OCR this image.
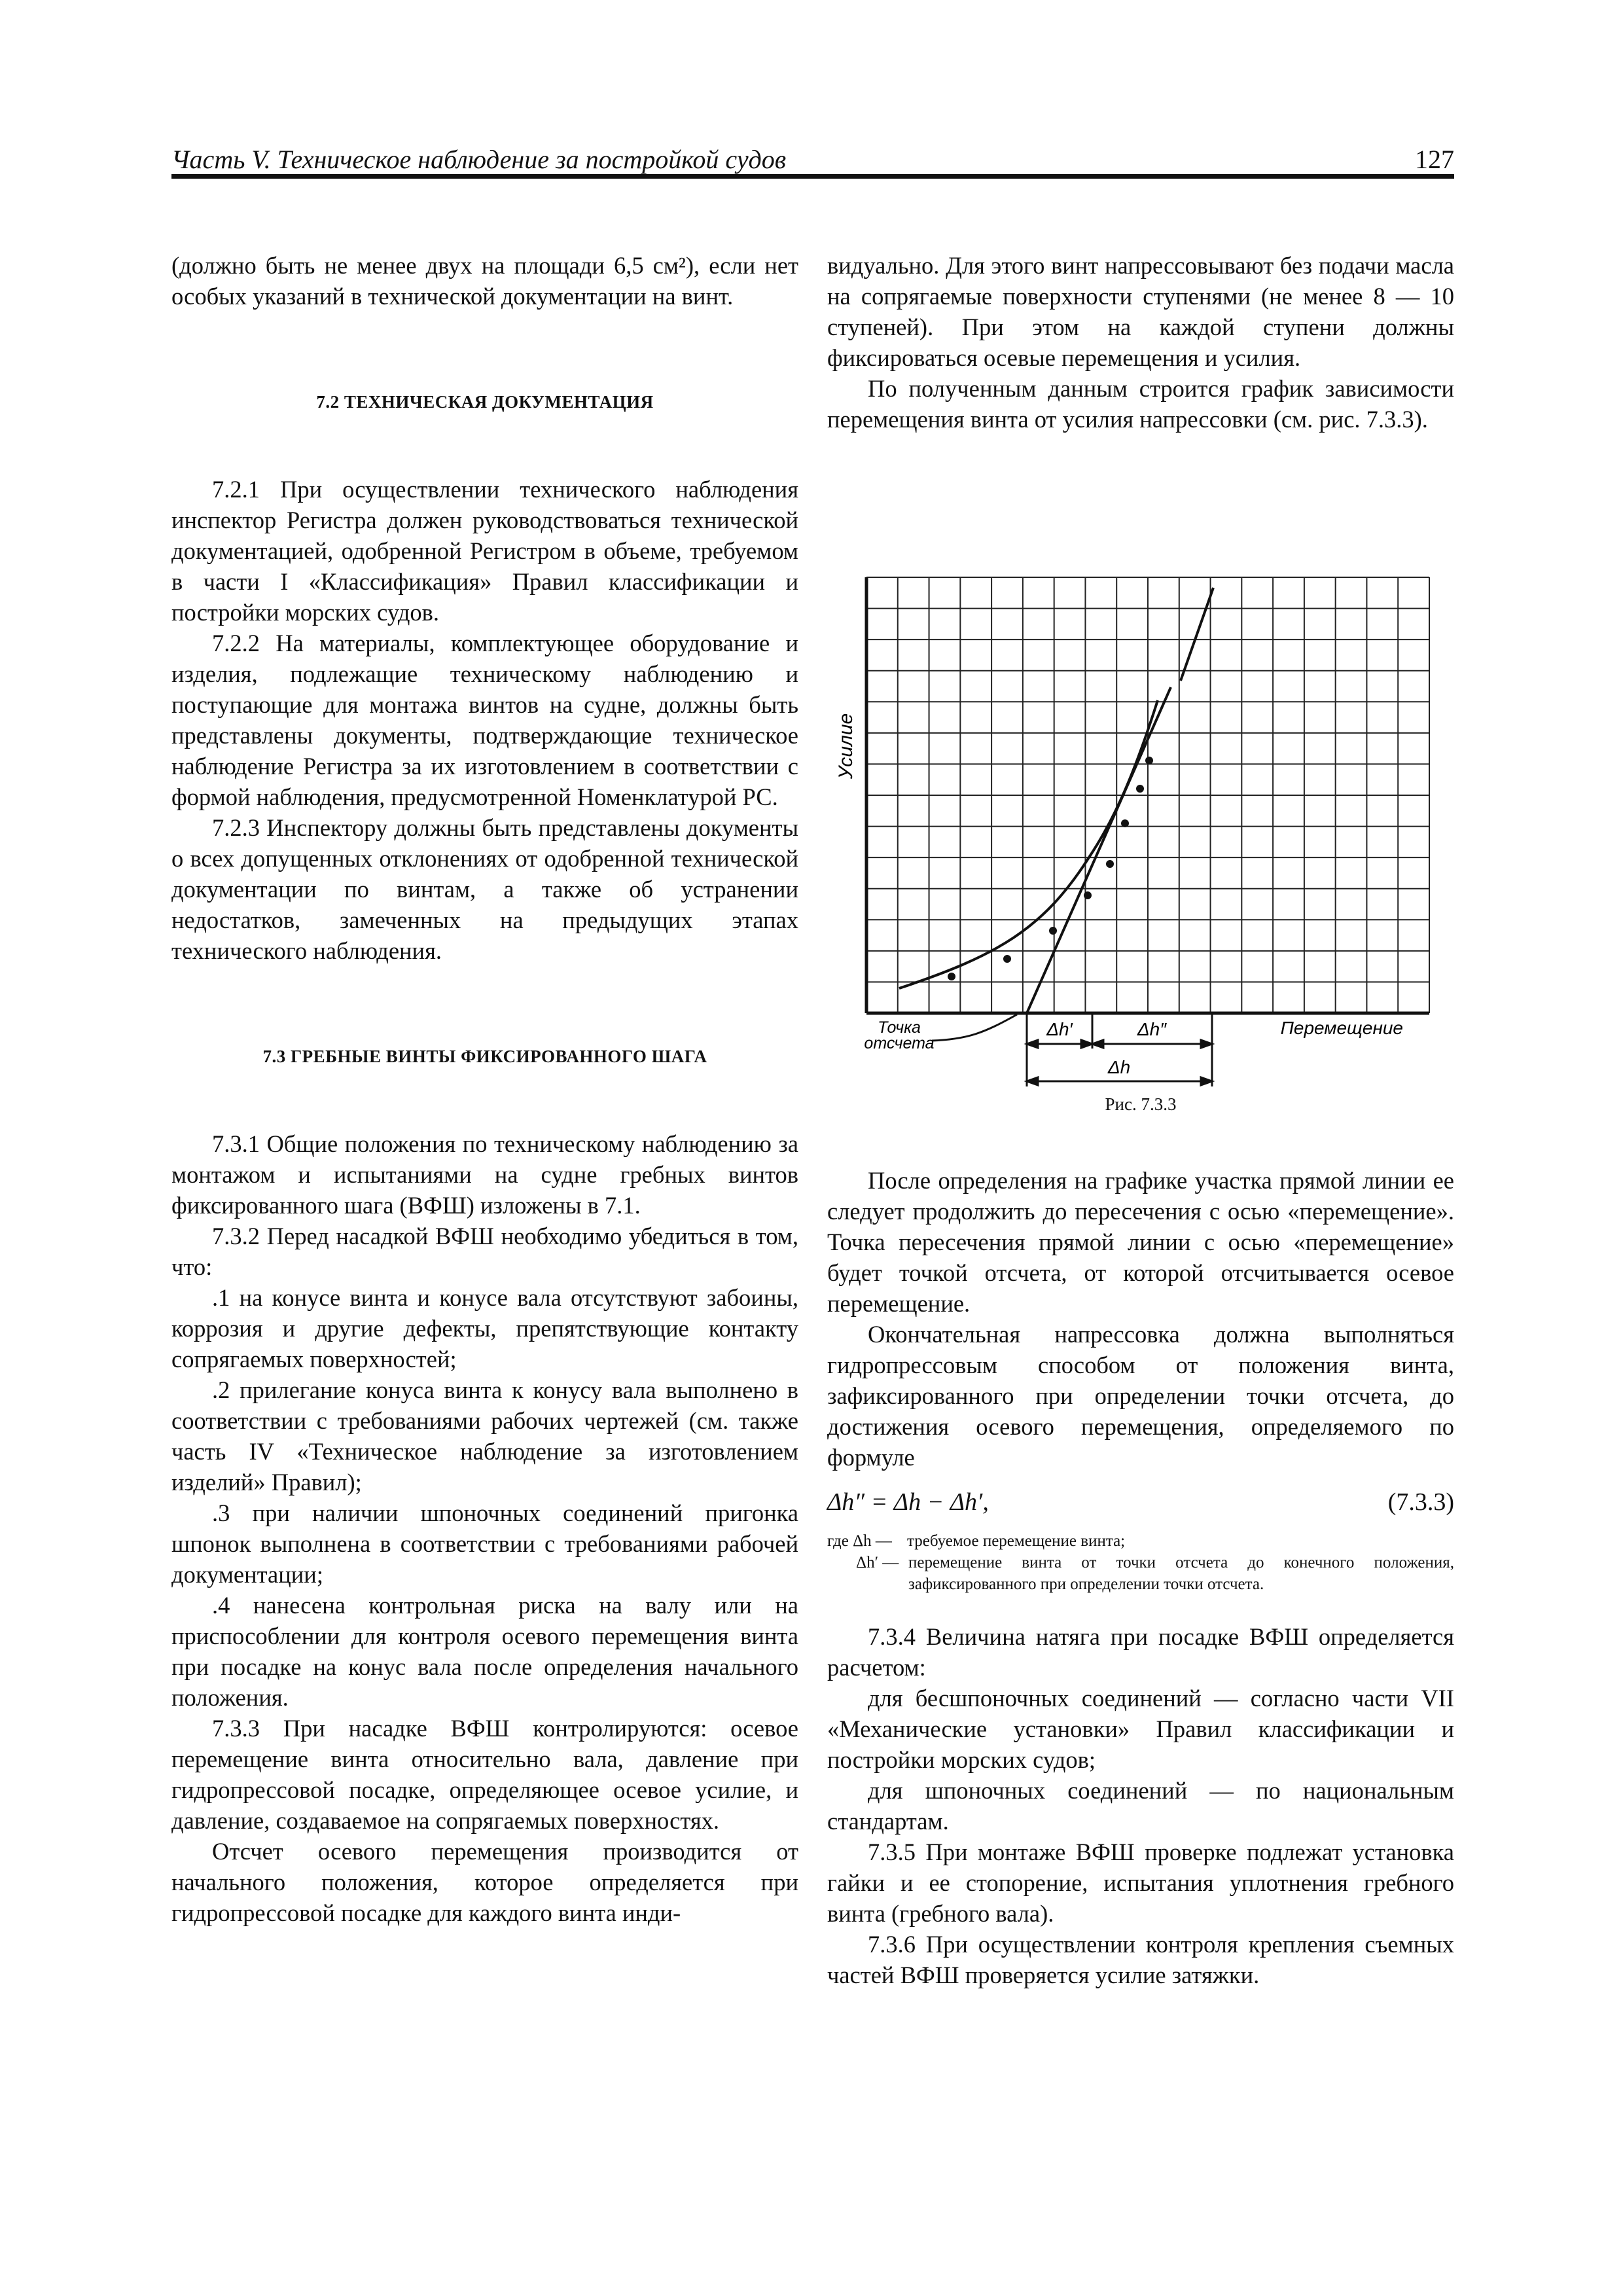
Часть V. Техническое наблюдение за постройкой судов	127

(должно быть не менее двух на площади 6,5 см²), если нет особых указаний в технической документации на винт.

7.2 ТЕХНИЧЕСКАЯ ДОКУМЕНТАЦИЯ

7.2.1 При осуществлении технического наблюдения инспектор Регистра должен руководствоваться технической документацией, одобренной Регистром в объеме, требуемом в части I «Классификация» Правил классификации и постройки морских судов.

7.2.2 На материалы, комплектующее оборудование и изделия, подлежащие техническому наблюдению и поступающие для монтажа винтов на судне, должны быть представлены документы, подтверждающие техническое наблюдение Регистра за их изготовлением в соответствии с формой наблюдения, предусмотренной Номенклатурой РС.

7.2.3 Инспектору должны быть представлены документы о всех допущенных отклонениях от одобренной технической документации по винтам, а также об устранении недостатков, замеченных на предыдущих этапах технического наблюдения.

7.3 ГРЕБНЫЕ ВИНТЫ ФИКСИРОВАННОГО ШАГА

7.3.1 Общие положения по техническому наблюдению за монтажом и испытаниями на судне гребных винтов фиксированного шага (ВФШ) изложены в 7.1.

7.3.2 Перед насадкой ВФШ необходимо убедиться в том, что:

.1 на конусе винта и конусе вала отсутствуют забоины, коррозия и другие дефекты, препятствующие контакту сопрягаемых поверхностей;

.2 прилегание конуса винта к конусу вала выполнено в соответствии с требованиями рабочих чертежей (см. также часть IV «Техническое наблюдение за изготовлением изделий» Правил);

.3 при наличии шпоночных соединений пригонка шпонок выполнена в соответствии с требованиями рабочей документации;

.4 нанесена контрольная риска на валу или на приспособлении для контроля осевого перемещения винта при посадке на конус вала после определения начального положения.

7.3.3 При насадке ВФШ контролируются: осевое перемещение винта относительно вала, давление при гидропрессовой посадке, определяющее осевое усилие, и давление, создаваемое на сопрягаемых поверхностях.

Отсчет осевого перемещения производится от начального положения, которое определяется при гидропрессовой посадке для каждого винта инди-

видуально. Для этого винт напрессовывают без подачи масла на сопрягаемые поверхности ступенями (не менее 8 — 10 ступеней). При этом на каждой ступени должны фиксироваться осевые перемещения и усилия.

По полученным данным строится график зависимости перемещения винта от усилия напрессовки (см. рис. 7.3.3).

Усилие
Перемещение
Точка
отсчета
Δh′	Δh″
Δh
Рис. 7.3.3

После определения на графике участка прямой линии ее следует продолжить до пересечения с осью «перемещение». Точка пересечения прямой линии с осью «перемещение» будет точкой отсчета, от которой отсчитывается осевое перемещение.

Окончательная напрессовка должна выполняться гидропрессовым способом от положения винта, зафиксированного при определении точки отсчета, до достижения осевого перемещения, определяемого по формуле

Δh″ = Δh − Δh′,	(7.3.3)
где Δh — требуемое перемещение винта;
Δh′ — перемещение винта от точки отсчета до конечного положения, зафиксированного при определении точки отсчета.

7.3.4 Величина натяга при посадке ВФШ определяется расчетом:

для бесшпоночных соединений — согласно части VII «Механические установки» Правил классификации и постройки морских судов;

для шпоночных соединений — по национальным стандартам.

7.3.5 При монтаже ВФШ проверке подлежат установка гайки и ее стопорение, испытания уплотнения гребного винта (гребного вала).

7.3.6 При осуществлении контроля крепления съемных частей ВФШ проверяется усилие затяжки.
